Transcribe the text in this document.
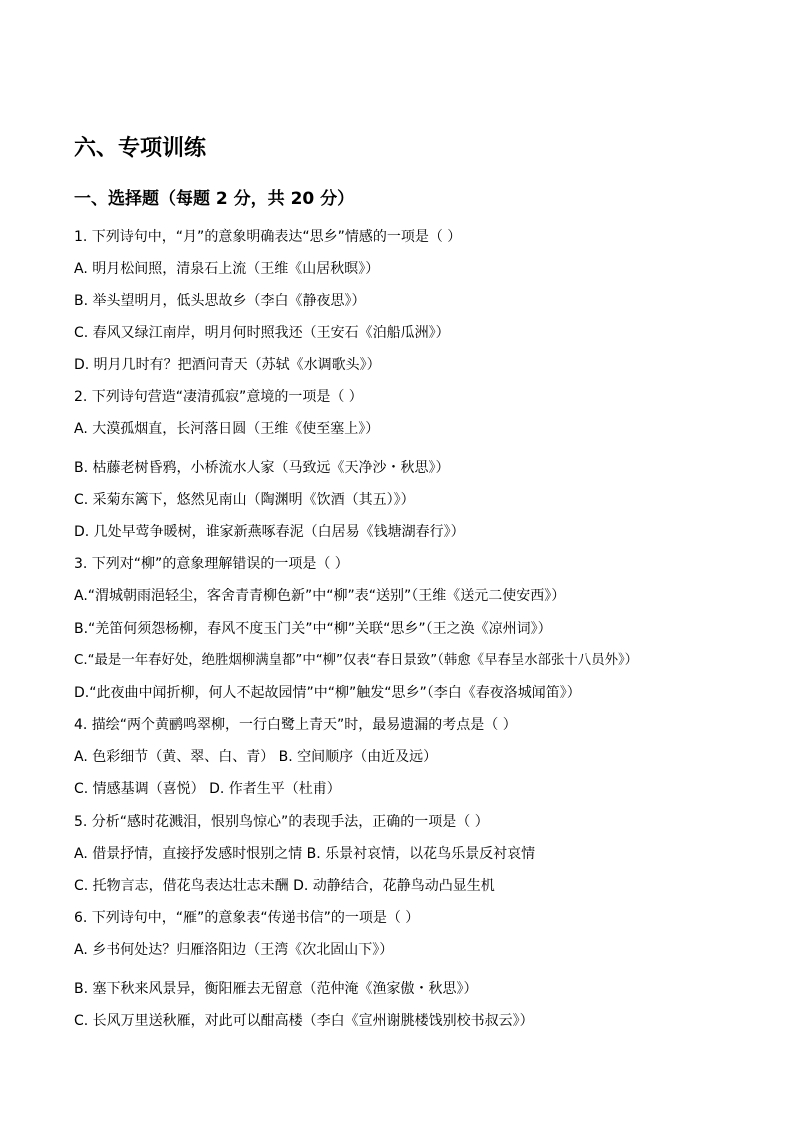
六、专项训练
一、选择题（每题 2 分，共 20 分）
1. 下列诗句中，“月”的意象明确表达“思乡”情感的一项是（ ）
A. 明月松间照，清泉石上流（王维《山居秋暝》）
B. 举头望明月，低头思故乡（李白《静夜思》）
C. 春风又绿江南岸，明月何时照我还（王安石《泊船瓜洲》）
D. 明月几时有？把酒问青天（苏轼《水调歌头》）
2. 下列诗句营造“凄清孤寂”意境的一项是（ ）
A. 大漠孤烟直，长河落日圆（王维《使至塞上》）
B. 枯藤老树昏鸦，小桥流水人家（马致远《天净沙・秋思》）
C. 采菊东篱下，悠然见南山（陶渊明《饮酒（其五）》）
D. 几处早莺争暖树，谁家新燕啄春泥（白居易《钱塘湖春行》）
3. 下列对“柳”的意象理解错误的一项是（ ）
A.“渭城朝雨浥轻尘，客舍青青柳色新”中“柳”表“送别”（王维《送元二使安西》）
B.“羌笛何须怨杨柳，春风不度玉门关”中“柳”关联“思乡”（王之涣《凉州词》）
C.“最是一年春好处，绝胜烟柳满皇都”中“柳”仅表“春日景致”（韩愈《早春呈水部张十八员外》）
D.“此夜曲中闻折柳，何人不起故园情”中“柳”触发“思乡”（李白《春夜洛城闻笛》）
4. 描绘“两个黄鹂鸣翠柳，一行白鹭上青天”时，最易遗漏的考点是（ ）
A. 色彩细节（黄、翠、白、青） B. 空间顺序（由近及远）
C. 情感基调（喜悦） D. 作者生平（杜甫）
5. 分析“感时花溅泪，恨别鸟惊心”的表现手法，正确的一项是（ ）
A. 借景抒情，直接抒发感时恨别之情 B. 乐景衬哀情，以花鸟乐景反衬哀情
C. 托物言志，借花鸟表达壮志未酬 D. 动静结合，花静鸟动凸显生机
6. 下列诗句中，“雁”的意象表“传递书信”的一项是（ ）
A. 乡书何处达？归雁洛阳边（王湾《次北固山下》）
B. 塞下秋来风景异，衡阳雁去无留意（范仲淹《渔家傲・秋思》）
C. 长风万里送秋雁，对此可以酣高楼（李白《宣州谢朓楼饯别校书叔云》）
